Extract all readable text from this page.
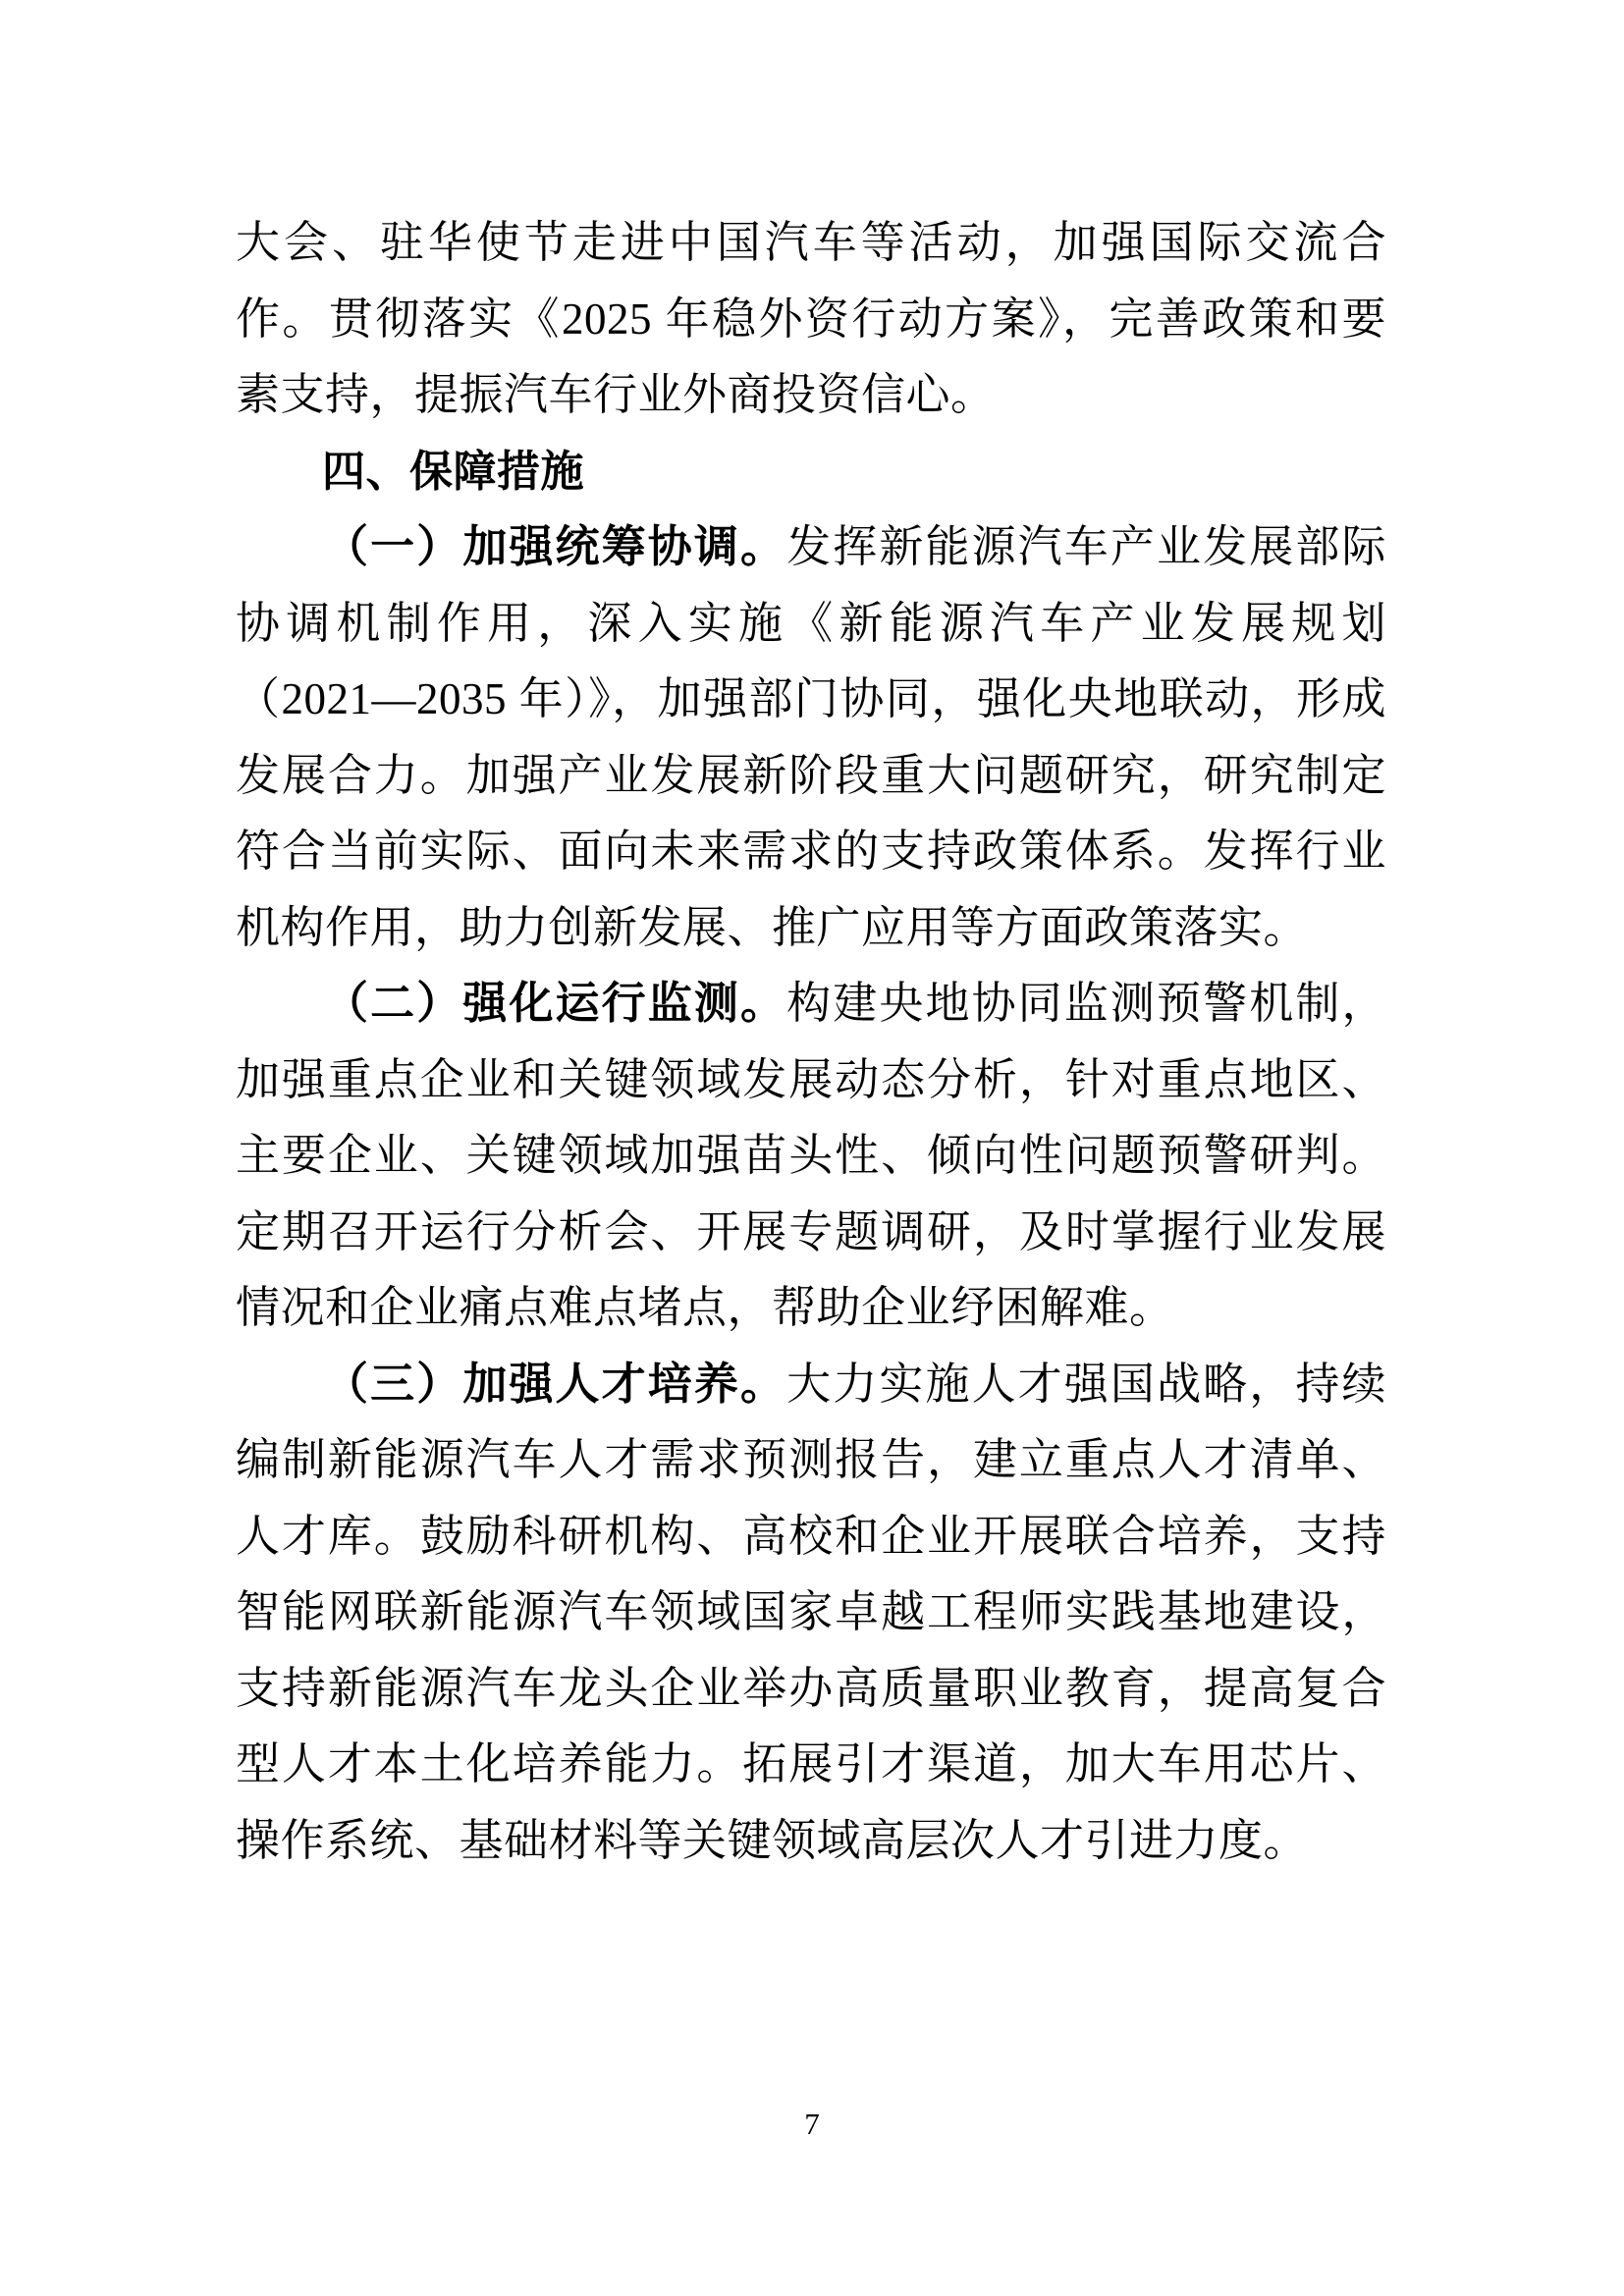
大会、驻华使节走进中国汽车等活动，加强国际交流合作。贯彻落实《2025 年稳外资行动方案》，完善政策和要素支持，提振汽车行业外商投资信心。
四、保障措施
（一）加强统筹协调。发挥新能源汽车产业发展部际协调机制作用，深入实施《新能源汽车产业发展规划（2021—2035 年）》，加强部门协同，强化央地联动，形成发展合力。加强产业发展新阶段重大问题研究，研究制定符合当前实际、面向未来需求的支持政策体系。发挥行业机构作用，助力创新发展、推广应用等方面政策落实。
（二）强化运行监测。构建央地协同监测预警机制，加强重点企业和关键领域发展动态分析，针对重点地区、主要企业、关键领域加强苗头性、倾向性问题预警研判。定期召开运行分析会、开展专题调研，及时掌握行业发展情况和企业痛点难点堵点，帮助企业纾困解难。
（三）加强人才培养。大力实施人才强国战略，持续编制新能源汽车人才需求预测报告，建立重点人才清单、人才库。鼓励科研机构、高校和企业开展联合培养，支持智能网联新能源汽车领域国家卓越工程师实践基地建设，支持新能源汽车龙头企业举办高质量职业教育，提高复合型人才本土化培养能力。拓展引才渠道，加大车用芯片、操作系统、基础材料等关键领域高层次人才引进力度。
7
